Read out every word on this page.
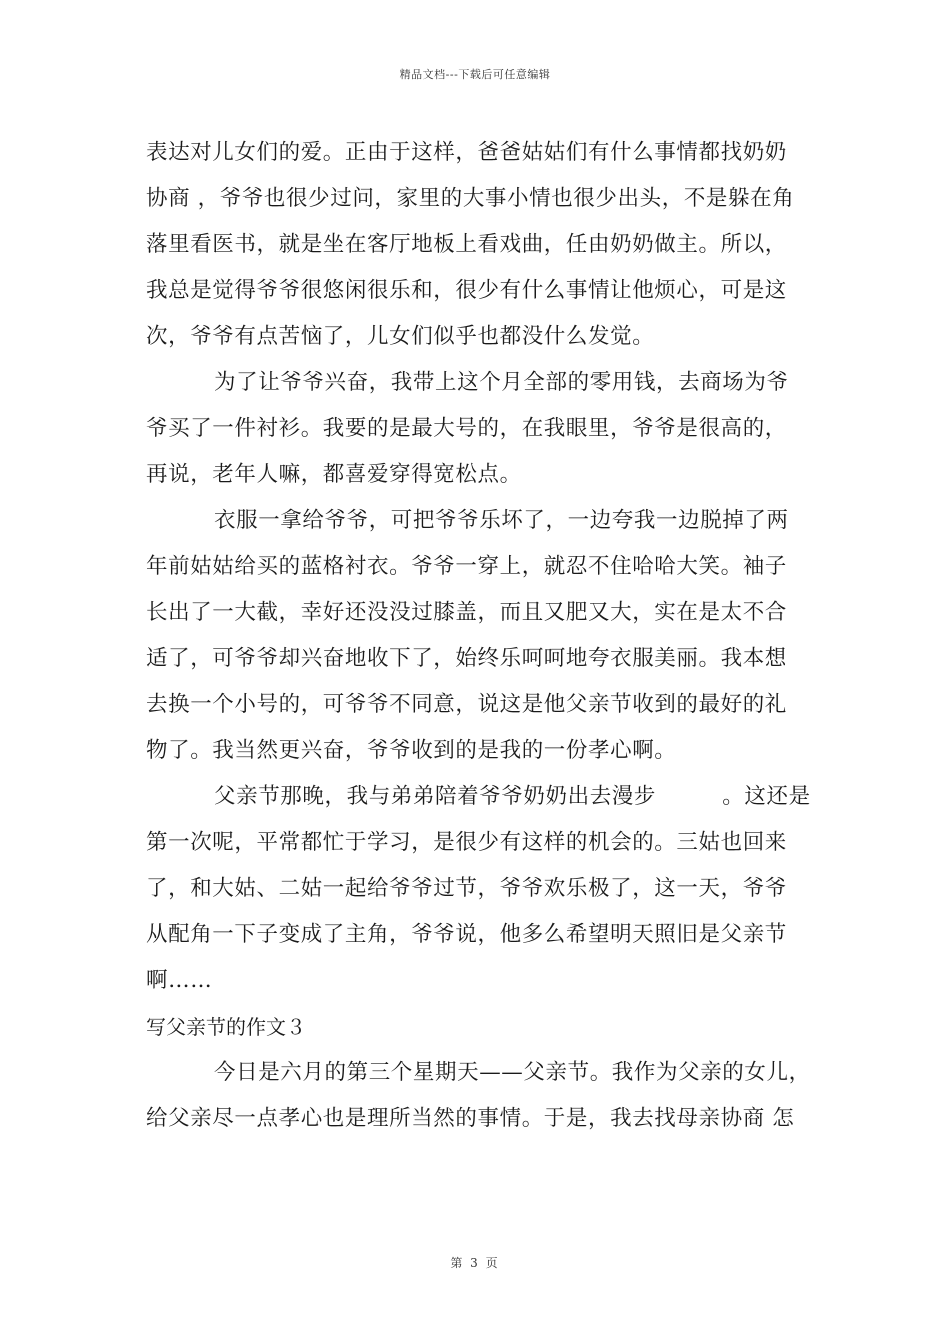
精品文档---下载后可任意编辑
表达对儿女们的爱。正由于这样，爸爸姑姑们有什么事情都找奶奶
协商 ，爷爷也很少过问，家里的大事小情也很少出头，不是躲在角
落里看医书，就是坐在客厅地板上看戏曲，任由奶奶做主。所以，
我总是觉得爷爷很悠闲很乐和，很少有什么事情让他烦心，可是这
次，爷爷有点苦恼了，儿女们似乎也都没什么发觉。
为了让爷爷兴奋，我带上这个月全部的零用钱，去商场为爷
爷买了一件衬衫。我要的是最大号的，在我眼里，爷爷是很高的，
再说，老年人嘛，都喜爱穿得宽松点。
衣服一拿给爷爷，可把爷爷乐坏了，一边夸我一边脱掉了两
年前姑姑给买的蓝格衬衣。爷爷一穿上，就忍不住哈哈大笑。袖子
长出了一大截，幸好还没没过膝盖，而且又肥又大，实在是太不合
适了，可爷爷却兴奋地收下了，始终乐呵呵地夸衣服美丽。我本想
去换一个小号的，可爷爷不同意，说这是他父亲节收到的最好的礼
物了。我当然更兴奋，爷爷收到的是我的一份孝心啊。
父亲节那晚，我与弟弟陪着爷爷奶奶出去漫步　　　。这还是
第一次呢，平常都忙于学习，是很少有这样的机会的。三姑也回来
了，和大姑、二姑一起给爷爷过节，爷爷欢乐极了，这一天，爷爷
从配角一下子变成了主角，爷爷说，他多么希望明天照旧是父亲节
啊……
写父亲节的作文３
今日是六月的第三个星期天——父亲节。我作为父亲的女儿，
给父亲尽一点孝心也是理所当然的事情。于是，我去找母亲协商 怎
第 3 页
